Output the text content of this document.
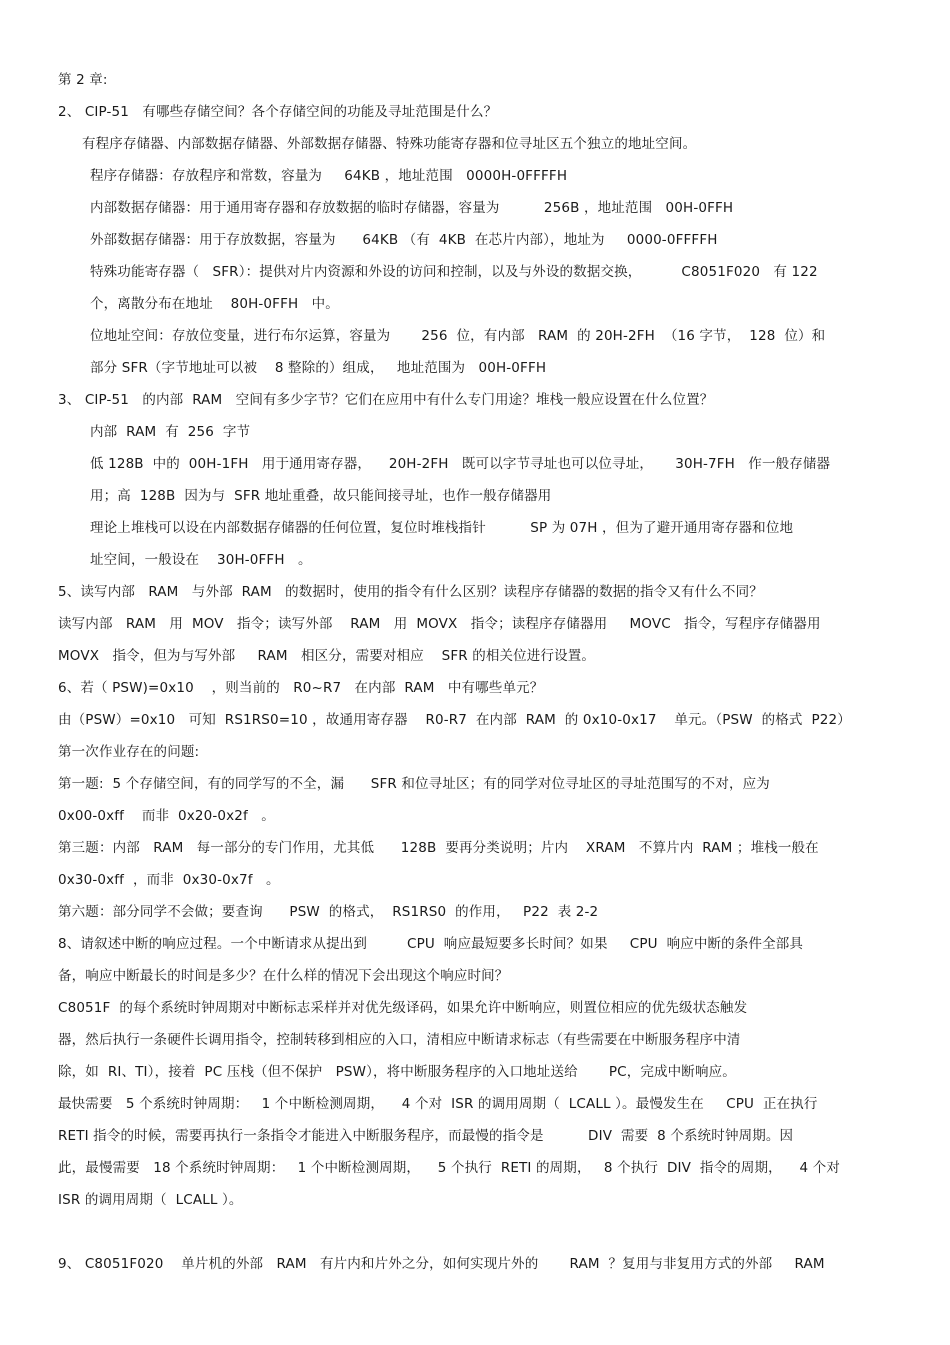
第 2 章:
2、 CIP-51   有哪些存储空间？各个存储空间的功能及寻址范围是什么？
有程序存储器、内部数据存储器、外部数据存储器、特殊功能寄存器和位寻址区五个独立的地址空间。
程序存储器：存放程序和常数，容量为     64KB ，地址范围   0000H-0FFFFH
内部数据存储器：用于通用寄存器和存放数据的临时存储器，容量为          256B ，地址范围   00H-0FFH
外部数据存储器：用于存放数据，容量为      64KB （有  4KB  在芯片内部），地址为     0000-0FFFFH
特殊功能寄存器（   SFR）：提供对片内资源和外设的访问和控制，以及与外设的数据交换，         C8051F020   有 122
个，离散分布在地址    80H-0FFH   中。
位地址空间：存放位变量，进行布尔运算，容量为       256  位，有内部   RAM  的 20H-2FH  （16 字节，  128  位）和
部分 SFR（字节地址可以被    8 整除的）组成，   地址范围为   00H-0FFH
3、 CIP-51   的内部  RAM   空间有多少字节？它们在应用中有什么专门用途？堆栈一般应设置在什么位置？
内部  RAM  有  256  字节
低 128B  中的  00H-1FH   用于通用寄存器，    20H-2FH   既可以字节寻址也可以位寻址，     30H-7FH   作一般存储器
用；高  128B  因为与  SFR 地址重叠，故只能间接寻址，也作一般存储器用
理论上堆栈可以设在内部数据存储器的任何位置，复位时堆栈指针          SP 为 07H ，但为了避开通用寄存器和位地
址空间，一般设在    30H-0FFH   。
5、读写内部   RAM   与外部  RAM   的数据时，使用的指令有什么区别？读程序存储器的数据的指令又有什么不同？
读写内部   RAM   用  MOV   指令；读写外部    RAM   用  MOVX   指令；读程序存储器用     MOVC   指令，写程序存储器用
MOVX   指令，但为与写外部     RAM   相区分，需要对相应    SFR 的相关位进行设置。
6、若（ PSW)=0x10    ，则当前的   R0~R7   在内部  RAM   中有哪些单元？
由（PSW）=0x10   可知  RS1RS0=10 ，故通用寄存器    R0-R7  在内部  RAM  的 0x10-0x17    单元。（PSW  的格式  P22）
第一次作业存在的问题:
第一题:  5 个存储空间，有的同学写的不全，漏      SFR 和位寻址区；有的同学对位寻址区的寻址范围写的不对，应为
0x00-0xff    而非  0x20-0x2f   。
第三题：内部   RAM   每一部分的专门作用，尤其低      128B  要再分类说明；片内    XRAM   不算片内  RAM ；堆栈一般在
0x30-0xff  ，而非  0x30-0x7f   。
第六题：部分同学不会做；要查询      PSW  的格式，  RS1RS0  的作用，   P22  表 2-2
8、请叙述中断的响应过程。一个中断请求从提出到         CPU  响应最短要多长时间？如果     CPU  响应中断的条件全部具
备，响应中断最长的时间是多少？在什么样的情况下会出现这个响应时间？
C8051F  的每个系统时钟周期对中断标志采样并对优先级译码，如果允许中断响应，则置位相应的优先级状态触发
器，然后执行一条硬件长调用指令，控制转移到相应的入口，清相应中断请求标志（有些需要在中断服务程序中清
除，如  RI、TI），接着  PC 压栈（但不保护   PSW），将中断服务程序的入口地址送给       PC，完成中断响应。
最快需要   5 个系统时钟周期：   1 个中断检测周期，    4 个对  ISR 的调用周期（  LCALL ）。最慢发生在     CPU  正在执行
RETI 指令的时候，需要再执行一条指令才能进入中断服务程序，而最慢的指令是          DIV  需要  8 个系统时钟周期。因
此，最慢需要   18 个系统时钟周期：   1 个中断检测周期，    5 个执行  RETI 的周期，   8 个执行  DIV  指令的周期，    4 个对
ISR 的调用周期（  LCALL ）。
9、 C8051F020    单片机的外部   RAM   有片内和片外之分，如何实现片外的       RAM  ？复用与非复用方式的外部     RAM
